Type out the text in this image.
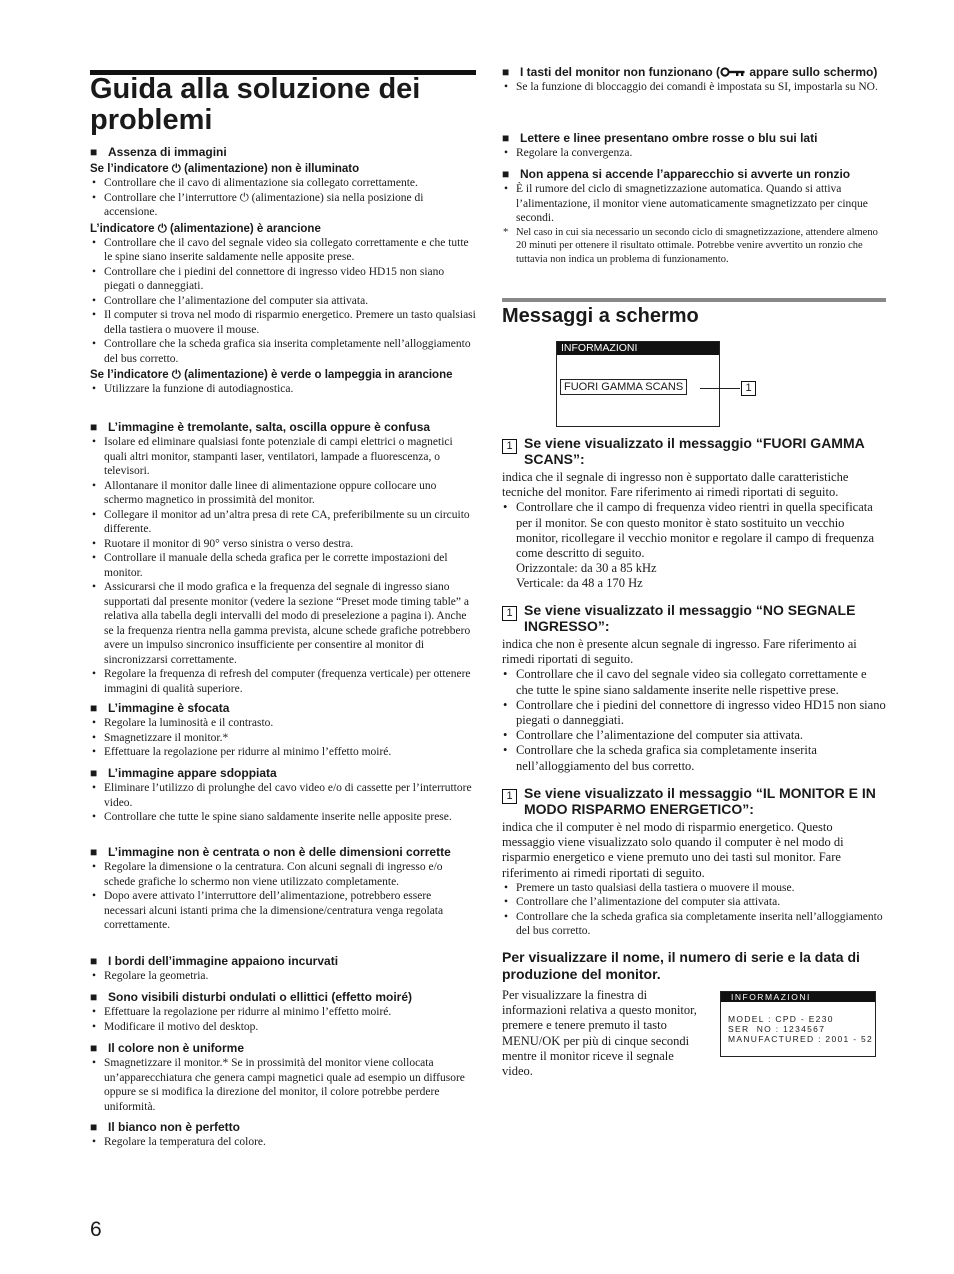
Guida alla soluzione dei problemi
■ Assenza di immagini
Se l’indicatore ⏻ (alimentazione) non è illuminato
• Controllare che il cavo di alimentazione sia collegato correttamente.
• Controllare che l’interruttore ⏻ (alimentazione) sia nella posizione di accensione.
L’indicatore ⏻ (alimentazione) è arancione
• Controllare che il cavo del segnale video sia collegato correttamente e che tutte le spine siano inserite saldamente nelle apposite prese.
• Controllare che i piedini del connettore di ingresso video HD15 non siano piegati o danneggiati.
• Controllare che l’alimentazione del computer sia attivata.
• Il computer si trova nel modo di risparmio energetico. Premere un tasto qualsiasi della tastiera o muovere il mouse.
• Controllare che la scheda grafica sia inserita completamente nell’alloggiamento del bus corretto.
Se l’indicatore ⏻ (alimentazione) è verde o lampeggia in arancione
• Utilizzare la funzione di autodiagnostica.
■ L’immagine è tremolante, salta, oscilla oppure è confusa
• Isolare ed eliminare qualsiasi fonte potenziale di campi elettrici o magnetici quali altri monitor, stampanti laser, ventilatori, lampade a fluorescenza, o televisori.
• Allontanare il monitor dalle linee di alimentazione oppure collocare uno schermo magnetico in prossimità del monitor.
• Collegare il monitor ad un’altra presa di rete CA, preferibilmente su un circuito differente.
• Ruotare il monitor di 90° verso sinistra o verso destra.
• Controllare il manuale della scheda grafica per le corrette impostazioni del monitor.
• Assicurarsi che il modo grafica e la frequenza del segnale di ingresso siano supportati dal presente monitor (vedere la sezione “Preset mode timing table” a relativa alla tabella degli intervalli del modo di preselezione a pagina i). Anche se la frequenza rientra nella gamma prevista, alcune schede grafiche potrebbero avere un impulso sincronico insufficiente per consentire al monitor di sincronizzarsi correttamente.
• Regolare la frequenza di refresh del computer (frequenza verticale) per ottenere immagini di qualità superiore.
■ L’immagine è sfocata
• Regolare la luminosità e il contrasto.
• Smagnetizzare il monitor.*
• Effettuare la regolazione per ridurre al minimo l’effetto moiré.
■ L’immagine appare sdoppiata
• Eliminare l’utilizzo di prolunghe del cavo video e/o di cassette per l’interruttore video.
• Controllare che tutte le spine siano saldamente inserite nelle apposite prese.
■ L’immagine non è centrata o non è delle dimensioni corrette
• Regolare la dimensione o la centratura. Con alcuni segnali di ingresso e/o schede grafiche lo schermo non viene utilizzato completamente.
• Dopo avere attivato l’interruttore dell’alimentazione, potrebbero essere necessari alcuni istanti prima che la dimensione/centratura venga regolata correttamente.
■ I bordi dell’immagine appaiono incurvati
• Regolare la geometria.
■ Sono visibili disturbi ondulati o ellittici (effetto moiré)
• Effettuare la regolazione per ridurre al minimo l’effetto moiré.
• Modificare il motivo del desktop.
■ Il colore non è uniforme
• Smagnetizzare il monitor.* Se in prossimità del monitor viene collocata un’apparecchiatura che genera campi magnetici quale ad esempio un diffusore oppure se si modifica la direzione del monitor, il colore potrebbe perdere uniformità.
■ Il bianco non è perfetto
• Regolare la temperatura del colore.
6
■ I tasti del monitor non funzionano ( appare sullo schermo)
• Se la funzione di bloccaggio dei comandi è impostata su SI, impostarla su NO.
■ Lettere e linee presentano ombre rosse o blu sui lati
• Regolare la convergenza.
■ Non appena si accende l’apparecchio si avverte un ronzio
• È il rumore del ciclo di smagnetizzazione automatica. Quando si attiva l’alimentazione, il monitor viene automaticamente smagnetizzato per cinque secondi.
* Nel caso in cui sia necessario un secondo ciclo di smagnetizzazione, attendere almeno 20 minuti per ottenere il risultato ottimale. Potrebbe venire avvertito un ronzio che tuttavia non indica un problema di funzionamento.
Messaggi a schermo
INFORMAZIONI
FUORI GAMMA SCANS	1
1 Se viene visualizzato il messaggio “FUORI GAMMA SCANS”:
indica che il segnale di ingresso non è supportato dalle caratteristiche tecniche del monitor. Fare riferimento ai rimedi riportati di seguito.
• Controllare che il campo di frequenza video rientri in quella specificata per il monitor. Se con questo monitor è stato sostituito un vecchio monitor, ricollegare il vecchio monitor e regolare il campo di frequenza come descritto di seguito.
Orizzontale: da 30 a 85 kHz
Verticale: da 48 a 170 Hz
1 Se viene visualizzato il messaggio “NO SEGNALE INGRESSO”:
indica che non è presente alcun segnale di ingresso. Fare riferimento ai rimedi riportati di seguito.
• Controllare che il cavo del segnale video sia collegato correttamente e che tutte le spine siano saldamente inserite nelle rispettive prese.
• Controllare che i piedini del connettore di ingresso video HD15 non siano piegati o danneggiati.
• Controllare che l’alimentazione del computer sia attivata.
• Controllare che la scheda grafica sia completamente inserita nell’alloggiamento del bus corretto.
1 Se viene visualizzato il messaggio “IL MONITOR E IN MODO RISPARMO ENERGETICO”:
indica che il computer è nel modo di risparmio energetico. Questo messaggio viene visualizzato solo quando il computer è nel modo di risparmio energetico e viene premuto uno dei tasti sul monitor. Fare riferimento ai rimedi riportati di seguito.
• Premere un tasto qualsiasi della tastiera o muovere il mouse.
• Controllare che l’alimentazione del computer sia attivata.
• Controllare che la scheda grafica sia completamente inserita nell’alloggiamento del bus corretto.
Per visualizzare il nome, il numero di serie e la data di produzione del monitor.
Per visualizzare la finestra di informazioni relativa a questo monitor, premere e tenere premuto il tasto MENU/OK per più di cinque secondi mentre il monitor riceve il segnale video.
INFORMAZIONI
MODEL : CPD - E230
SER  NO : 1234567
MANUFACTURED : 2001 - 52
